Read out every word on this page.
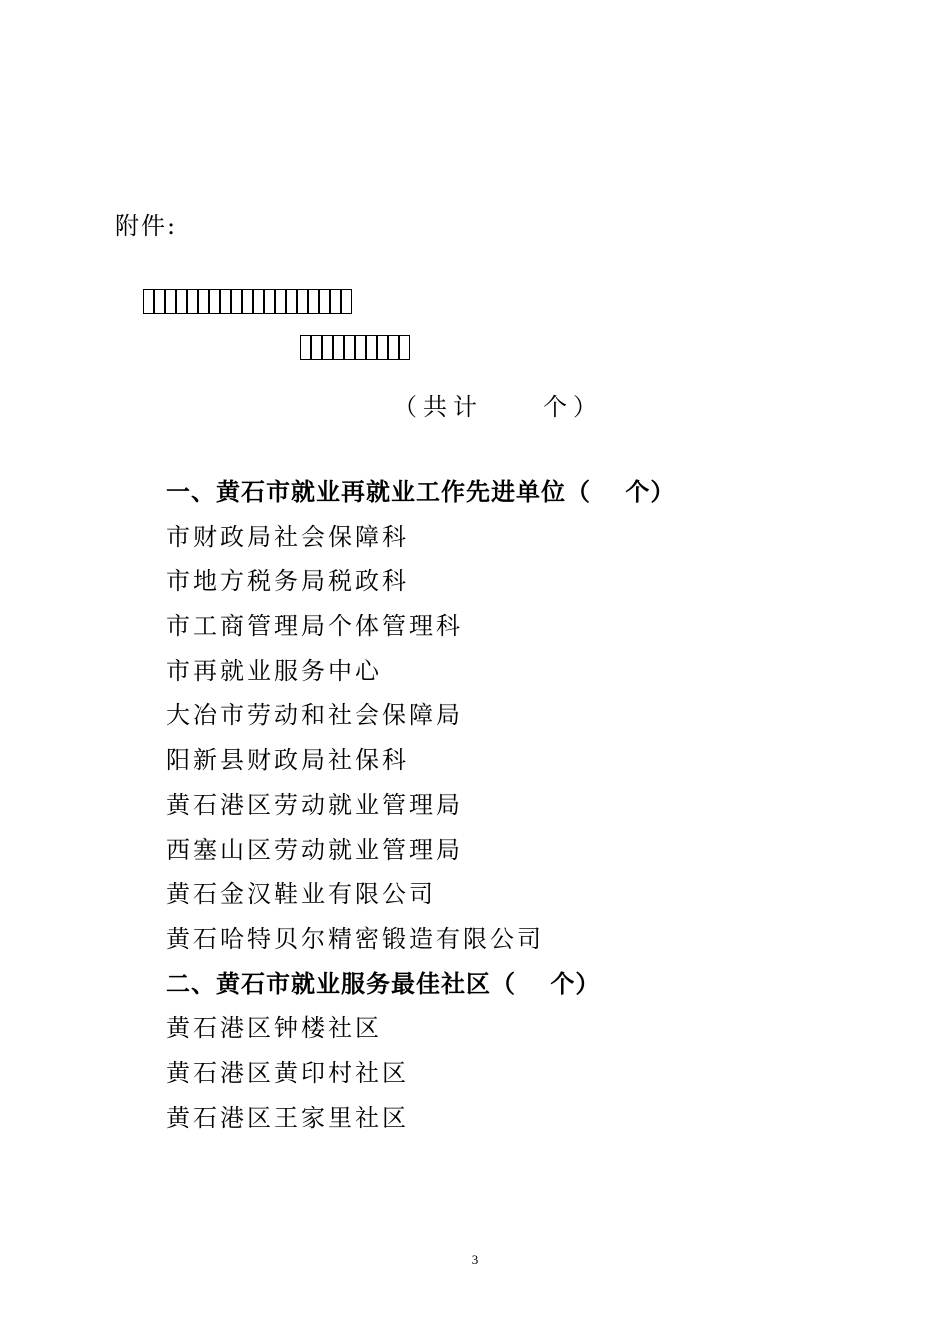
附件:
（共计　　个）
一、黄石市就业再就业工作先进单位（　 个）
市财政局社会保障科
市地方税务局税政科
市工商管理局个体管理科
市再就业服务中心
大冶市劳动和社会保障局
阳新县财政局社保科
黄石港区劳动就业管理局
西塞山区劳动就业管理局
黄石金汉鞋业有限公司
黄石哈特贝尔精密锻造有限公司
二、黄石市就业服务最佳社区（　 个）
黄石港区钟楼社区
黄石港区黄印村社区
黄石港区王家里社区
3
